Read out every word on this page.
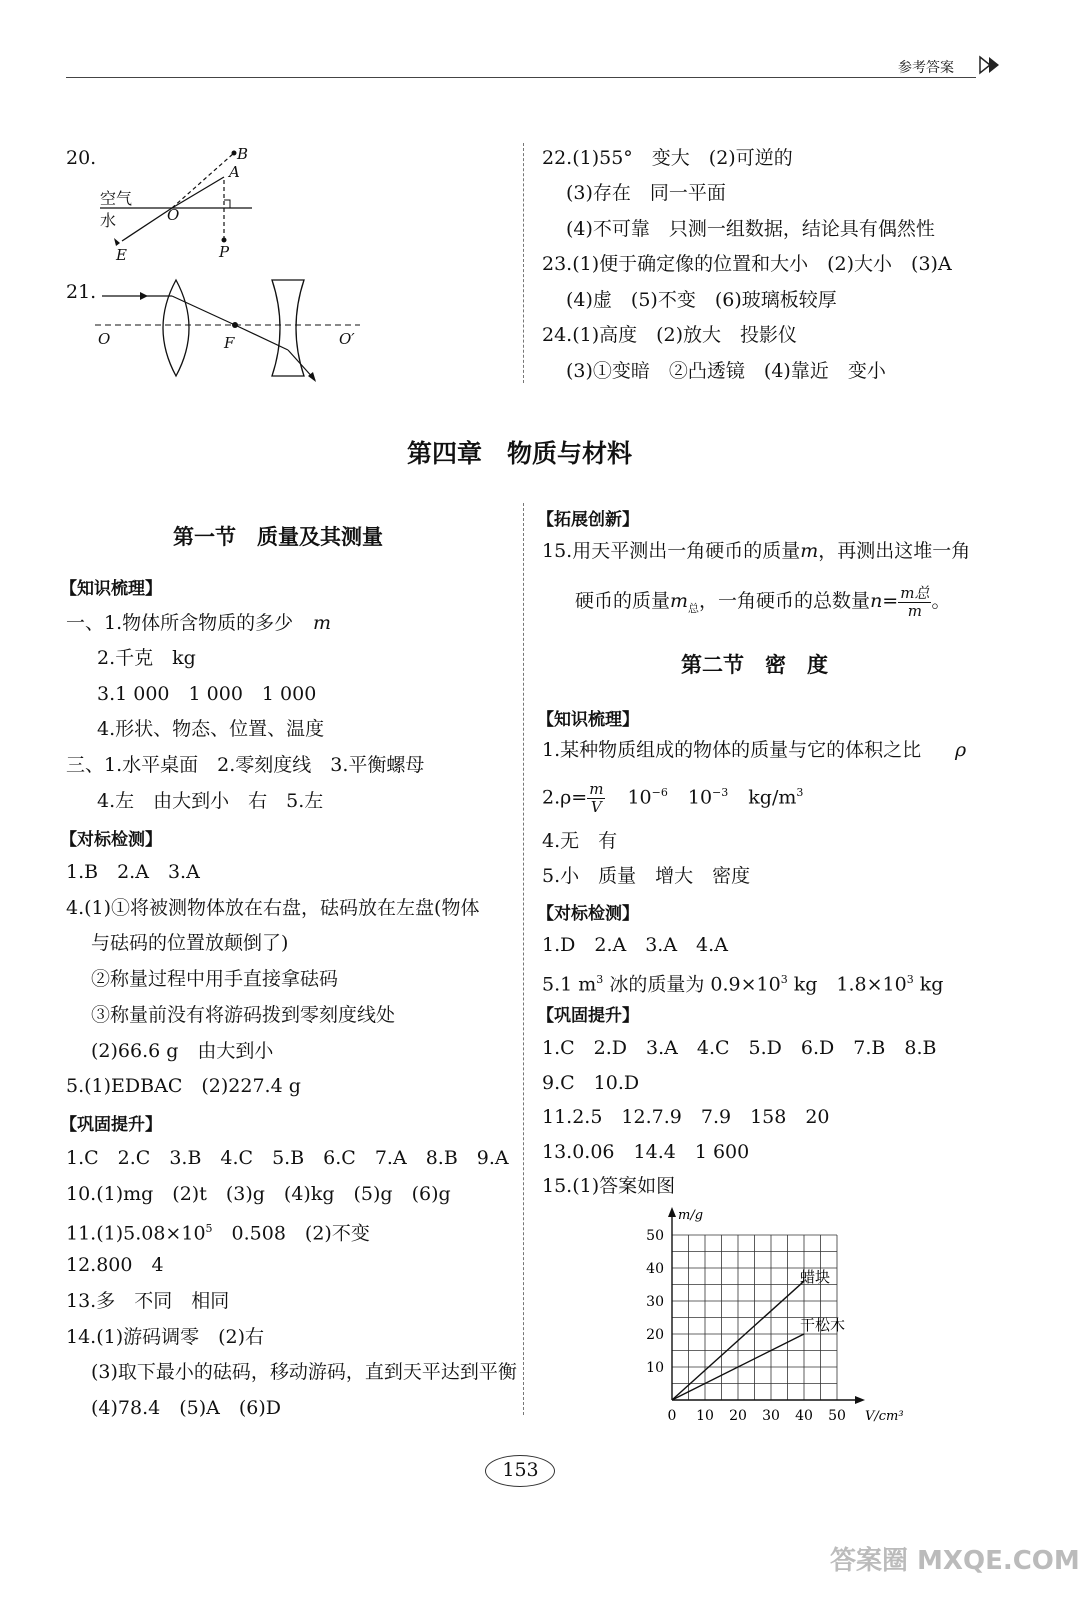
参考答案
20.
空气
水
B
A
O
E	P
21.
O	F	O′
22.(1)55°　变大　(2)可逆的
(3)存在　同一平面
(4)不可靠　只测一组数据，结论具有偶然性
23.(1)便于确定像的位置和大小　(2)大小　(3)A
(4)虚　(5)不变　(6)玻璃板较厚
24.(1)高度　(2)放大　投影仪
(3)①变暗　②凸透镜　(4)靠近　变小
第四章　物质与材料
第一节　质量及其测量
【知识梳理】
一、1.物体所含物质的多少 m
2.千克　kg
3.1 000　1 000　1 000
4.形状、物态、位置、温度
三、1.水平桌面　2.零刻度线　3.平衡螺母
4.左　由大到小　右　5.左
【对标检测】
1.B　2.A　3.A
4.(1)①将被测物体放在右盘，砝码放在左盘(物体
与砝码的位置放颠倒了)
②称量过程中用手直接拿砝码
③称量前没有将游码拨到零刻度线处
(2)66.6 g　由大到小
5.(1)EDBAC　(2)227.4 g
【巩固提升】
1.C　2.C　3.B　4.C　5.B　6.C　7.A　8.B　9.A
10.(1)mg　(2)t　(3)g　(4)kg　(5)g　(6)g
$11.(1)5.08\times 10^5$　0.508　(2)不变
12.800　4
13.多　不同　相同
14.(1)游码调零　(2)右
(3)取下最小的砝码，移动游码，直到天平达到平衡
(4)78.4　(5)A　(6)D
【拓展创新】
15.用天平测出一角硬币的质量m，再测出这堆一角
硬币的质量$m_总$，一角硬币的总数量$n= \frac{\text{m总}}{m}$ 。
第二节　密　度
【知识梳理】
1.某种物质组成的物体的质量与它的体积之比 ρ
$2.\rho= \frac{m}{V} 10^{-6}$ $10^{-3}$ $kg/m^3$
4.无　有
5.小　质量　增大　密度
【对标检测】
1.D　2.A　3.A　4.A
5.1 $m^3$ 冰的质量为 $0.9\times 10^3$ kg　$1.8\times 10^3$ kg
【巩固提升】
1.C　2.D　3.A　4.C　5.D　6.D　7.B　8.B
9.C　10.D
11.2.5　12.7.9　7.9　158　20
13.0.06　14.4　1 600
15.(1)答案如图
0 10 20 30 40 50
10
20
30
40
50
V/cm³
m/g
蜡块
干松木
153
答案圈 MXQE.COM
